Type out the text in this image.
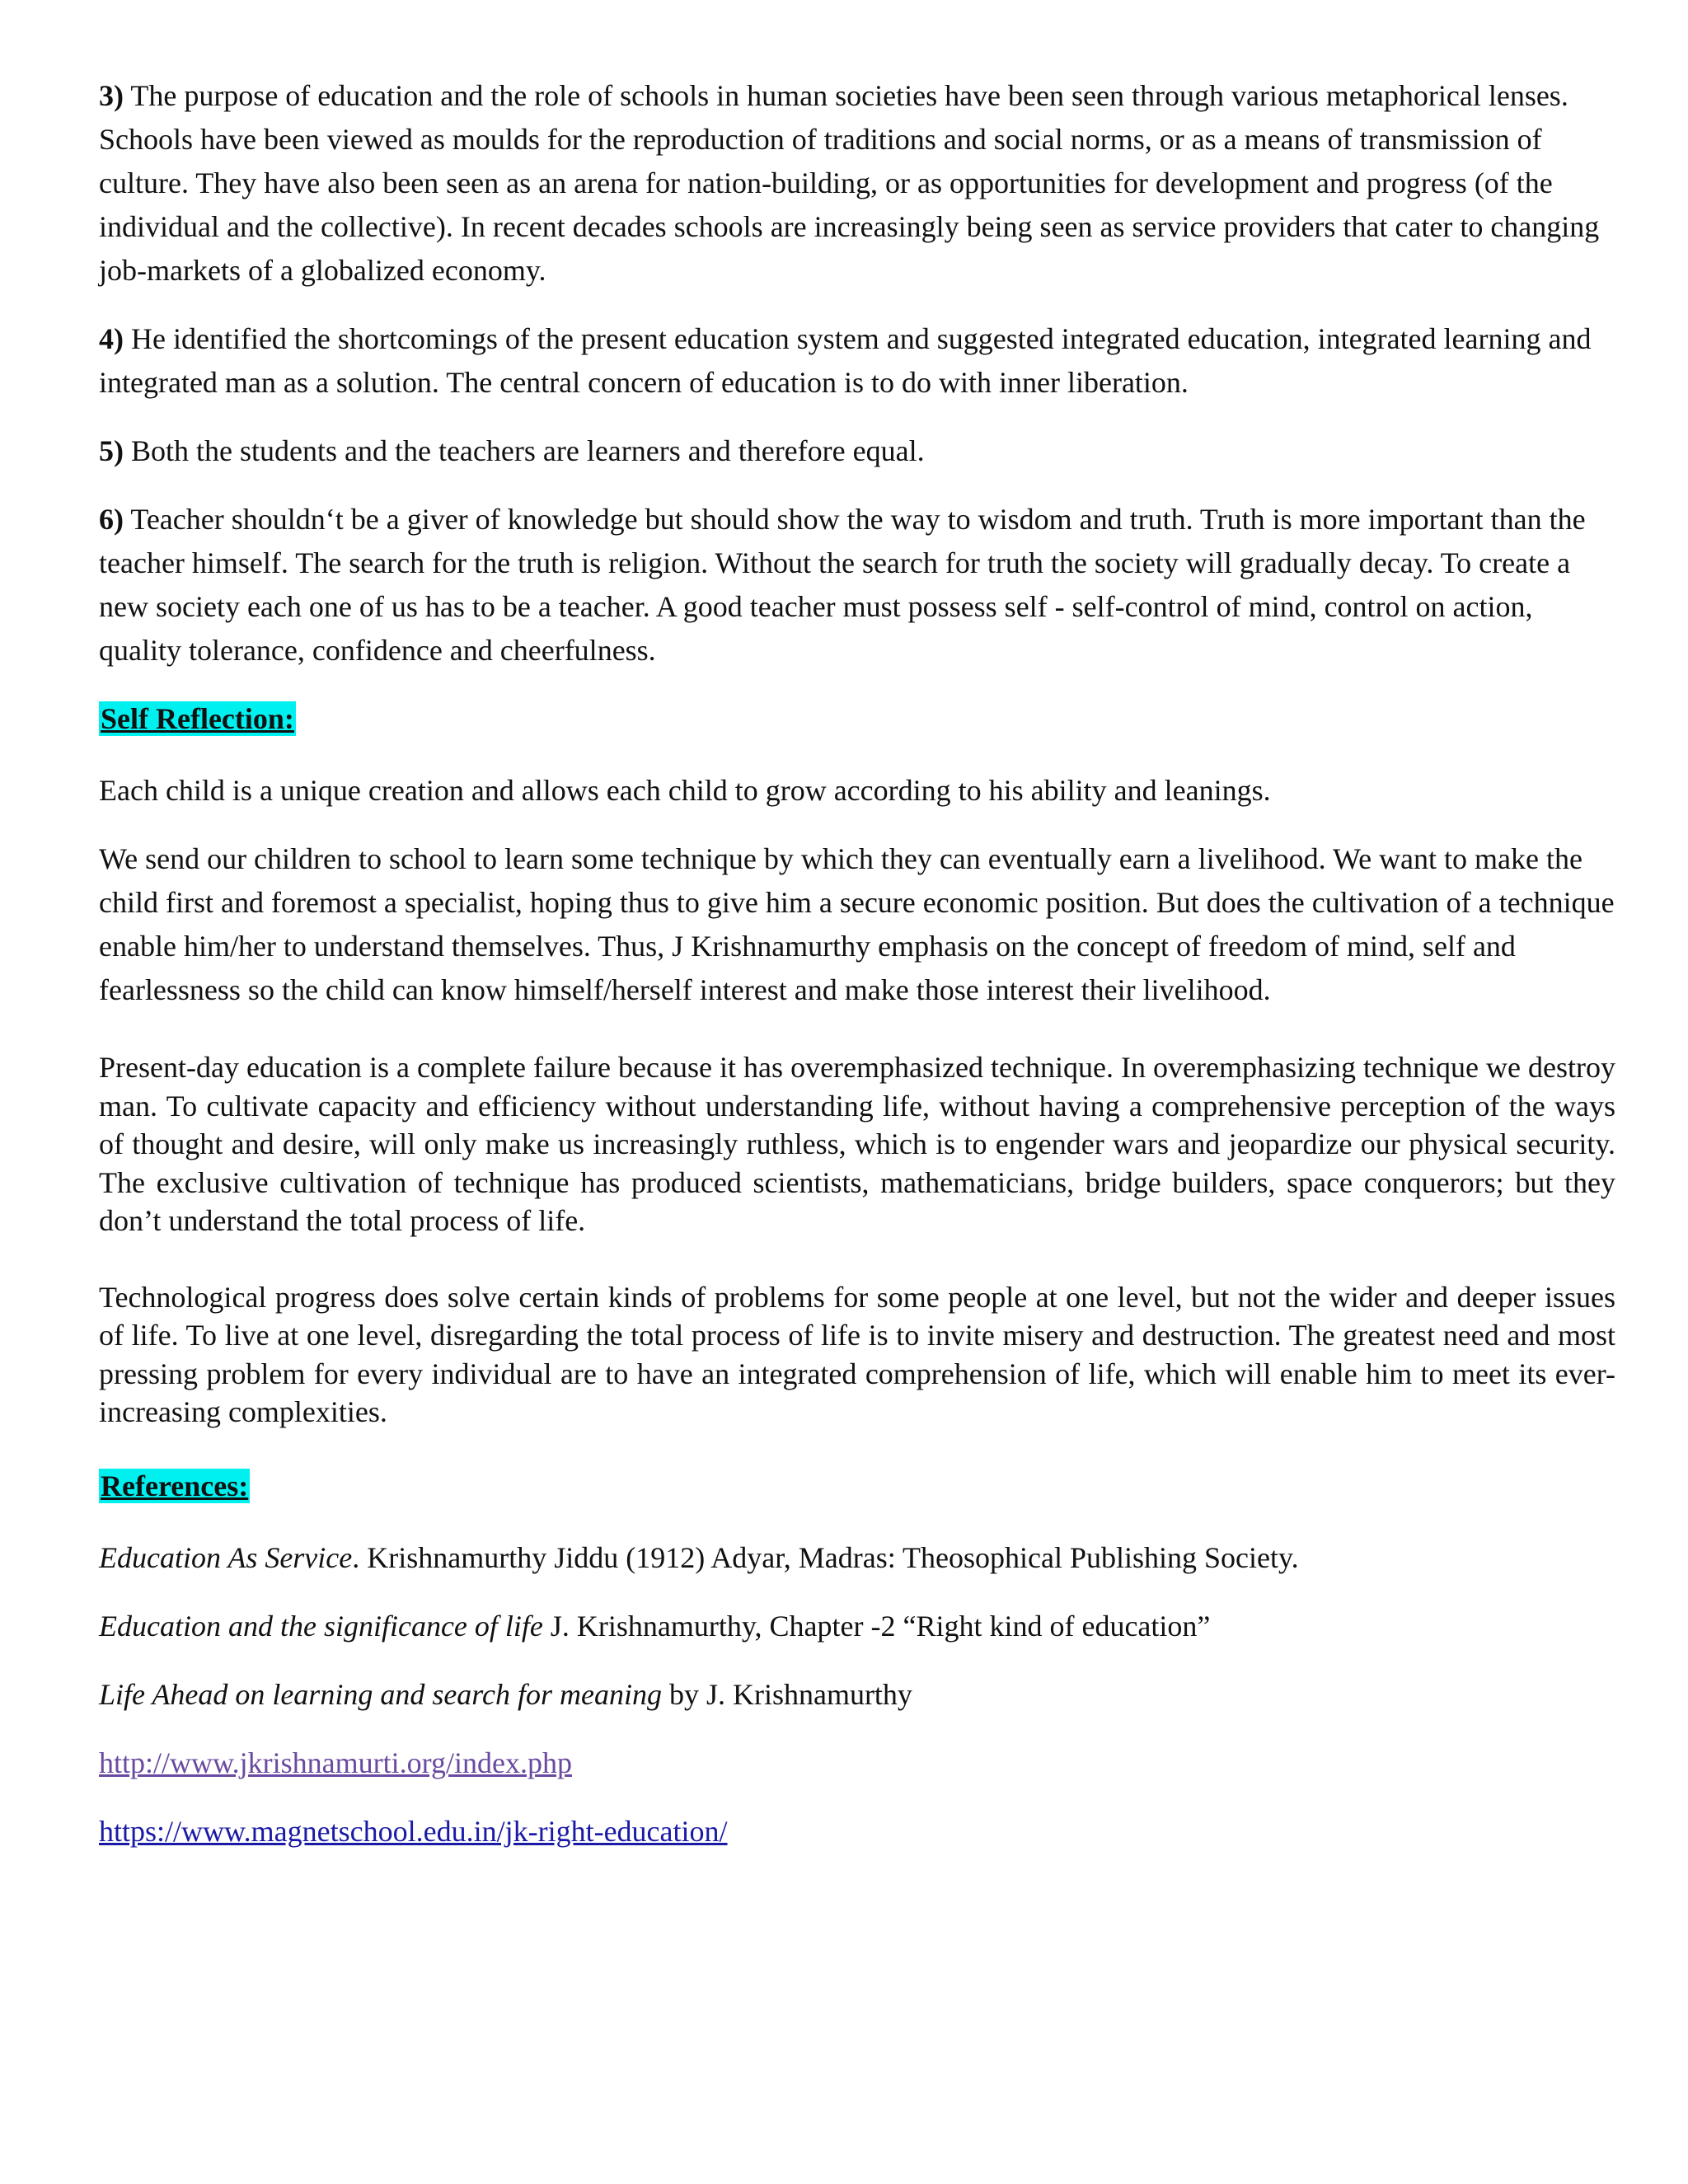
3) The purpose of education and the role of schools in human societies have been seen through various metaphorical lenses. Schools have been viewed as moulds for the reproduction of traditions and social norms, or as a means of transmission of culture. They have also been seen as an arena for nation-building, or as opportunities for development and progress (of the individual and the collective). In recent decades schools are increasingly being seen as service providers that cater to changing job-markets of a globalized economy.

4) He identified the shortcomings of the present education system and suggested integrated education, integrated learning and integrated man as a solution. The central concern of education is to do with inner liberation.

5) Both the students and the teachers are learners and therefore equal.

6) Teacher shouldn‘t be a giver of knowledge but should show the way to wisdom and truth. Truth is more important than the teacher himself. The search for the truth is religion. Without the search for truth the society will gradually decay. To create a new society each one of us has to be a teacher. A good teacher must possess self - self-control of mind, control on action, quality tolerance, confidence and cheerfulness.

Self Reflection:

Each child is a unique creation and allows each child to grow according to his ability and leanings.

We send our children to school to learn some technique by which they can eventually earn a livelihood. We want to make the child first and foremost a specialist, hoping thus to give him a secure economic position. But does the cultivation of a technique enable him/her to understand themselves. Thus, J Krishnamurthy emphasis on the concept of freedom of mind, self and fearlessness so the child can know himself/herself interest and make those interest their livelihood.

Present-day education is a complete failure because it has overemphasized technique. In overemphasizing technique we destroy man. To cultivate capacity and efficiency without understanding life, without having a comprehensive perception of the ways of thought and desire, will only make us increasingly ruthless, which is to engender wars and jeopardize our physical security. The exclusive cultivation of technique has produced scientists, mathematicians, bridge builders, space conquerors; but they don’t understand the total process of life.

Technological progress does solve certain kinds of problems for some people at one level, but not the wider and deeper issues of life. To live at one level, disregarding the total process of life is to invite misery and destruction. The greatest need and most pressing problem for every individual are to have an integrated comprehension of life, which will enable him to meet its ever-increasing complexities.

References:

Education As Service. Krishnamurthy Jiddu (1912) Adyar, Madras: Theosophical Publishing Society.

Education and the significance of life J. Krishnamurthy, Chapter -2 “Right kind of education”

Life Ahead on learning and search for meaning by J. Krishnamurthy

http://www.jkrishnamurti.org/index.php

https://www.magnetschool.edu.in/jk-right-education/
